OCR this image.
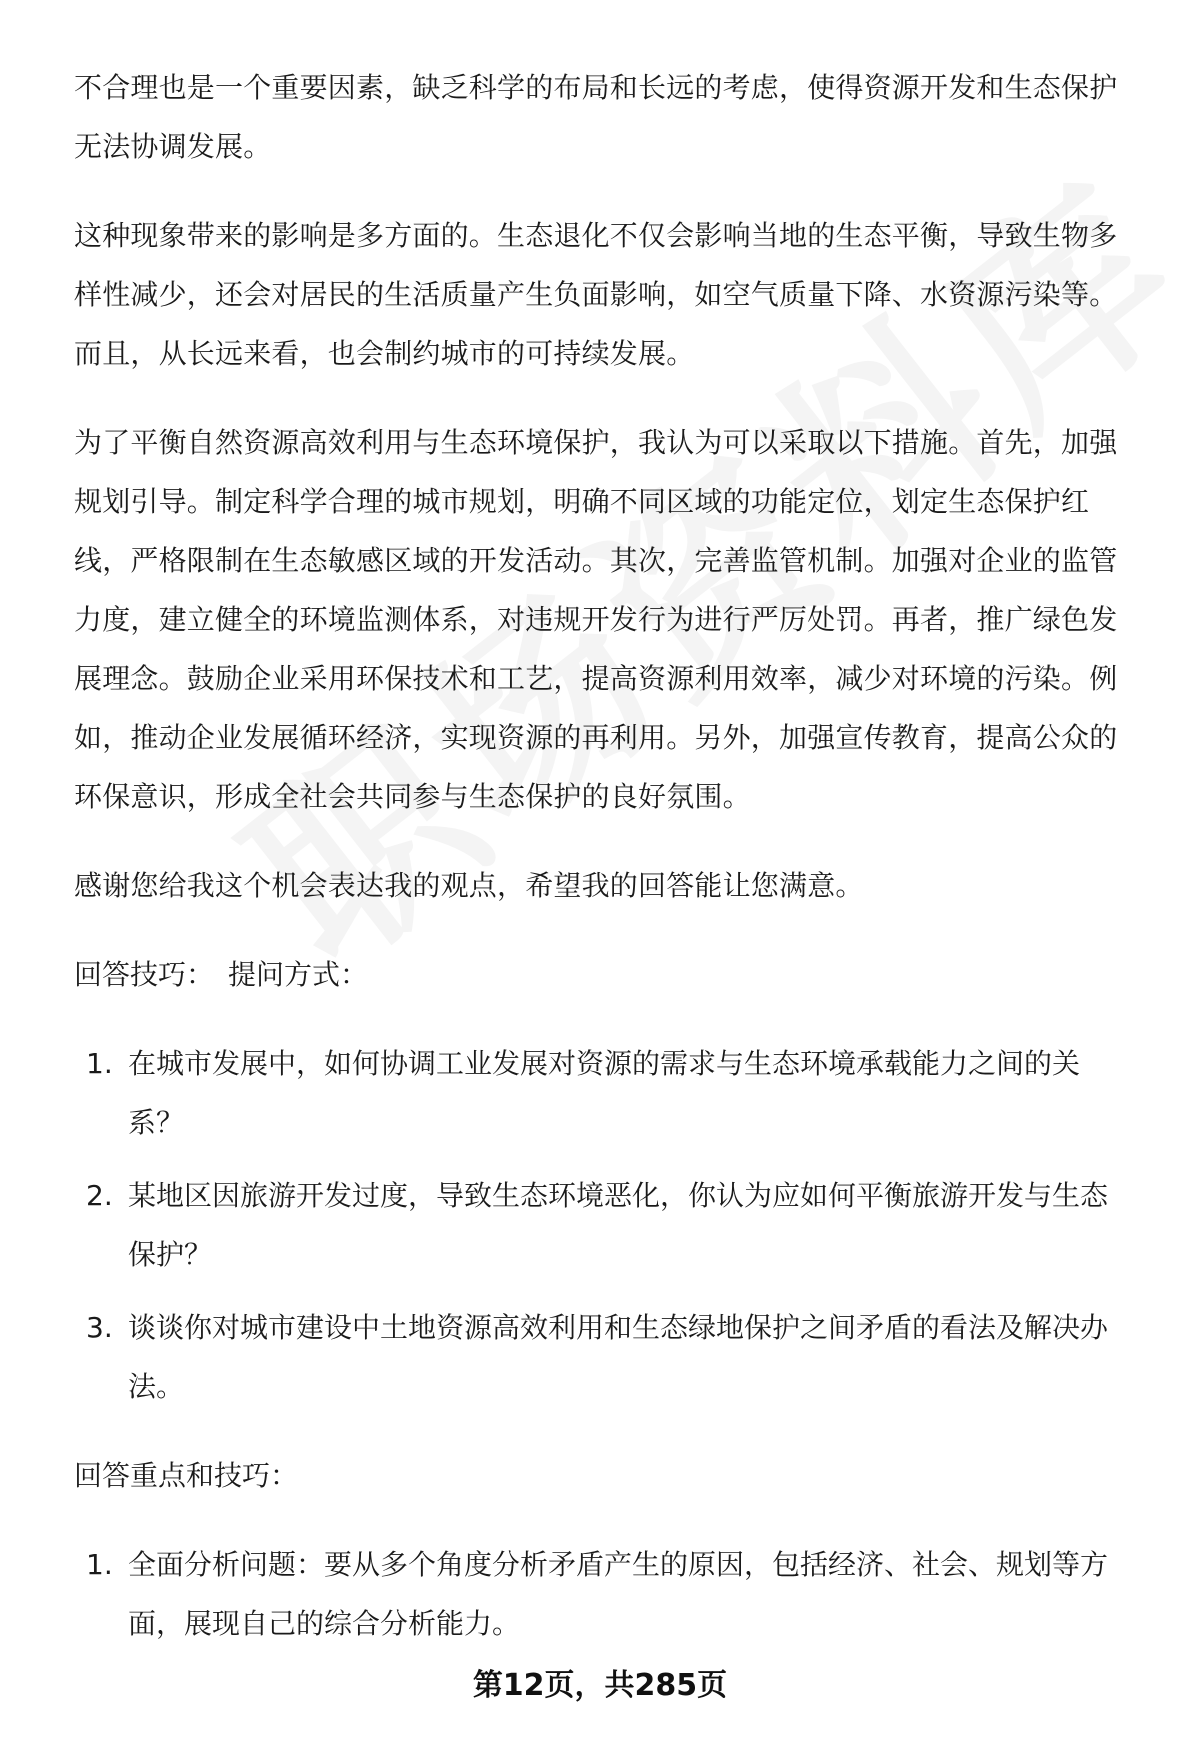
不合理也是一个重要因素，缺乏科学的布局和长远的考虑，使得资源开发和生态保护无法协调发展。

这种现象带来的影响是多方面的。生态退化不仅会影响当地的生态平衡，导致生物多样性减少，还会对居民的生活质量产生负面影响，如空气质量下降、水资源污染等。而且，从长远来看，也会制约城市的可持续发展。

为了平衡自然资源高效利用与生态环境保护，我认为可以采取以下措施。首先，加强规划引导。制定科学合理的城市规划，明确不同区域的功能定位，划定生态保护红线，严格限制在生态敏感区域的开发活动。其次，完善监管机制。加强对企业的监管力度，建立健全的环境监测体系，对违规开发行为进行严厉处罚。再者，推广绿色发展理念。鼓励企业采用环保技术和工艺，提高资源利用效率，减少对环境的污染。例如，推动企业发展循环经济，实现资源的再利用。另外，加强宣传教育，提高公众的环保意识，形成全社会共同参与生态保护的良好氛围。

感谢您给我这个机会表达我的观点，希望我的回答能让您满意。

回答技巧： 提问方式：
1. 在城市发展中，如何协调工业发展对资源的需求与生态环境承载能力之间的关系？
2. 某地区因旅游开发过度，导致生态环境恶化，你认为应如何平衡旅游开发与生态保护？
3. 谈谈你对城市建设中土地资源高效利用和生态绿地保护之间矛盾的看法及解决办法。
回答重点和技巧：
1. 全面分析问题：要从多个角度分析矛盾产生的原因，包括经济、社会、规划等方面，展现自己的综合分析能力。
第12页，共285页
